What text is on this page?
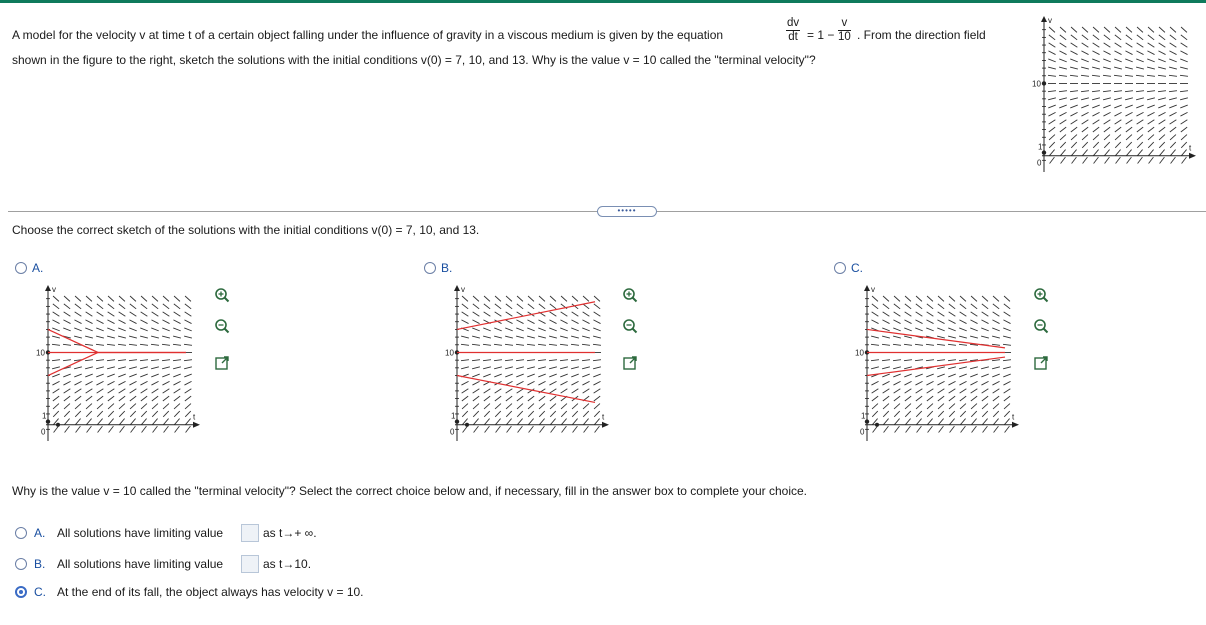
A model for the velocity v at time t of a certain object falling under the influence of gravity in a viscous medium is given by the equation	$\frac{dv}{dt} = 1 - \frac{v}{10}$ . From the direction field
shown in the figure to the right, sketch the solutions with the initial conditions v(0) = 7, 10, and 13. Why is the value v = 10 called the "terminal velocity"?
v
t
10
1
0
•••••
Choose the correct sketch of the solutions with the initial conditions v(0) = 7, 10, and 13.
A.
v
t
10
1
0
B.
v
t
10
1
0
C.
v
t
10
1
0
Why is the value v = 10 called the "terminal velocity"? Select the correct choice below and, if necessary, fill in the answer box to complete your choice.
A. All solutions have limiting value	as t→+ ∞.
B. All solutions have limiting value	as t→10.
C. At the end of its fall, the object always has velocity v = 10.
